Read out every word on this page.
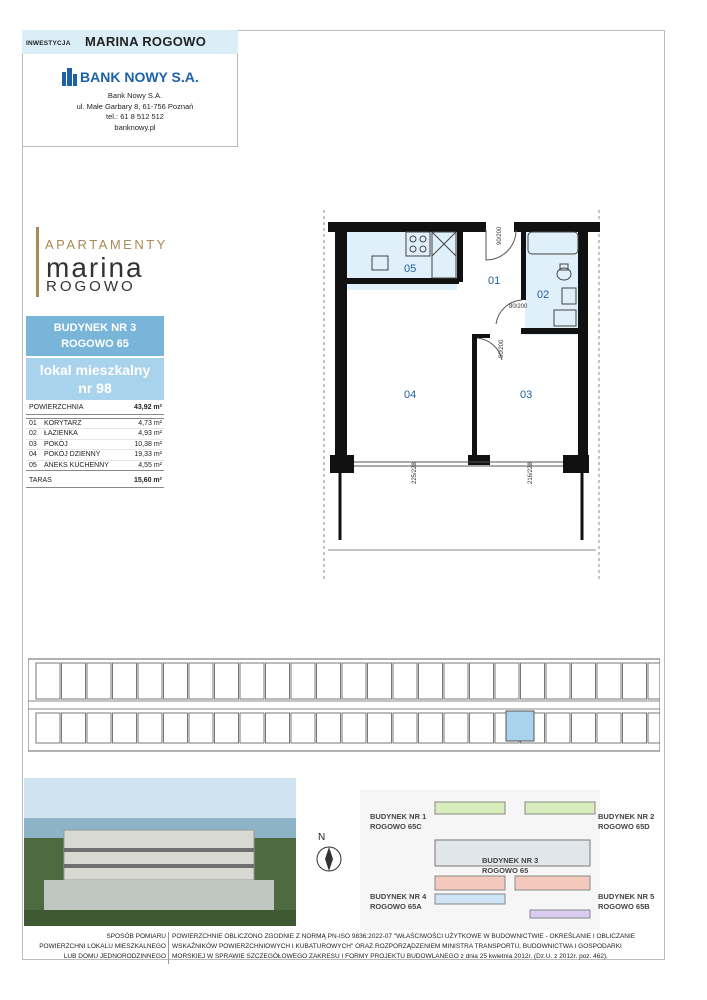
INWESTYCJA MARINA ROGOWO
BANK NOWY S.A.
Bank Nowy S.A.
ul. Małe Garbary 8, 61-756 Poznań
tel.: 61 8 512 512
banknowy.pl
APARTAMENTY
marina
ROGOWO
BUDYNEK NR 3
ROGOWO 65
lokal mieszkalny
nr 98
POWIERZCHNIA	43,92 m²
01 KORYTARZ	4,73 m²
02 ŁAZIENKA	4,93 m²
03 POKÓJ	10,38 m²
04 POKÓJ DZIENNY	19,33 m²
05 ANEKS KUCHENNY	4,55 m²
TARAS	15,60 m²
05
01
02
03
04
90/200
80/200
90/200
225/228	216/228
N
BUDYNEK NR 1
ROGOWO 65C
BUDYNEK NR 2
ROGOWO 65D
BUDYNEK NR 3
ROGOWO 65
BUDYNEK NR 4
ROGOWO 65A
BUDYNEK NR 5
ROGOWO 65B
SPOSÓB POMIARU
POWIERZCHNI LOKALU MIESZKALNEGO
LUB DOMU JEDNORODZINNEGO
POWIERZCHNIE OBLICZONO ZGODNIE Z NORMĄ PN-ISO 9836:2022-07 "WŁAŚCIWOŚCI UŻYTKOWE W BUDOWNICTWIE - OKREŚLANIE I OBLICZANIE
WSKAŹNIKÓW POWIERZCHNIOWYCH I KUBATUROWYCH" ORAZ ROZPORZĄDZENIEM MINISTRA TRANSPORTU, BUDOWNICTWA I GOSPODARKI
MORSKIEJ W SPRAWIE SZCZEGÓŁOWEGO ZAKRESU I FORMY PROJEKTU BUDOWLANEGO z dnia 25 kwietnia 2012r. (Dz.U. z 2012r. poz. 462).
